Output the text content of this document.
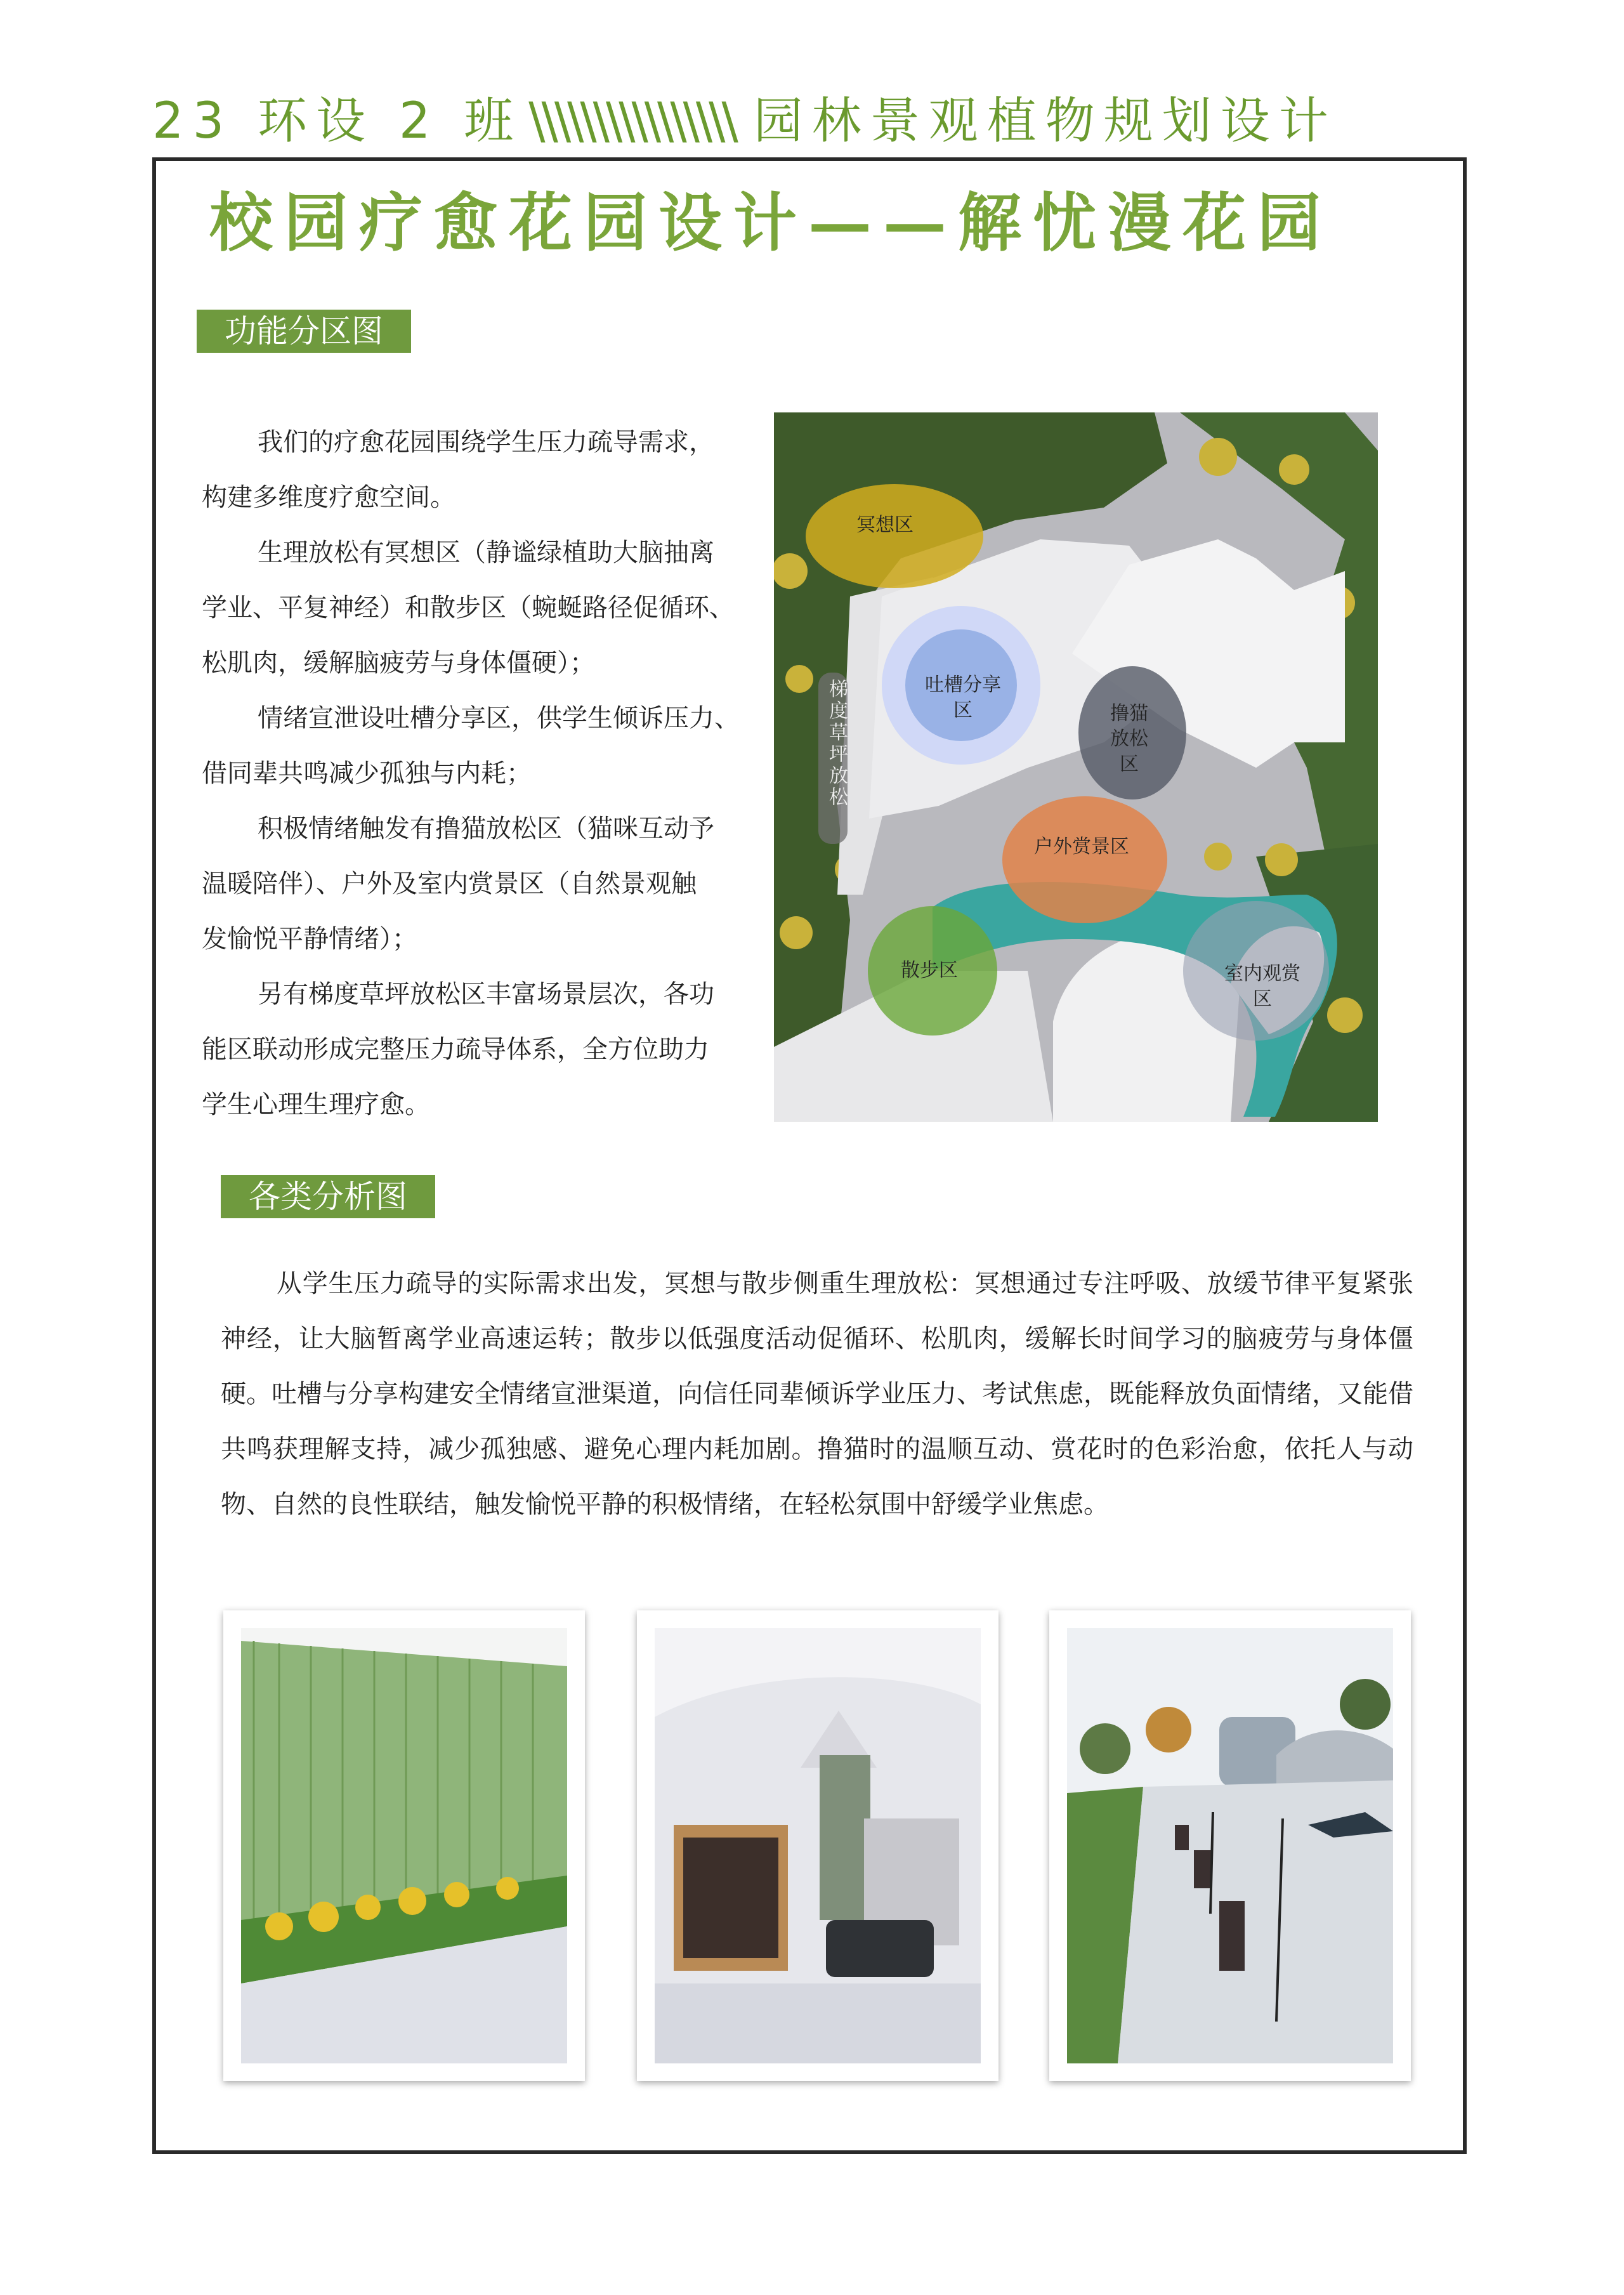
23 环设 2 班 \\\\\\\\\\\\\\\\ 园林景观植物规划设计
校园疗愈花园设计——解忧漫花园
功能分区图

我们的疗愈花园围绕学生压力疏导需求，

构建多维度疗愈空间。

生理放松有冥想区（静谧绿植助大脑抽离

学业、平复神经）和散步区（蜿蜒路径促循环、

松肌肉，缓解脑疲劳与身体僵硬）；

情绪宣泄设吐槽分享区，供学生倾诉压力、

借同辈共鸣减少孤独与内耗；

积极情绪触发有撸猫放松区（猫咪互动予

温暖陪伴）、户外及室内赏景区（自然景观触

发愉悦平静情绪）；

另有梯度草坪放松区丰富场景层次，各功

能区联动形成完整压力疏导体系，全方位助力

学生心理生理疗愈。

冥想区
吐槽分享区	撸猫放松区
户外赏景区
散步区	室内观赏区
梯度草坪放松
各类分析图

从学生压力疏导的实际需求出发，冥想与散步侧重生理放松：冥想通过专注呼吸、放缓节律平复紧张神经，让大脑暂离学业高速运转；散步以低强度活动促循环、松肌肉，缓解长时间学习的脑疲劳与身体僵硬。吐槽与分享构建安全情绪宣泄渠道，向信任同辈倾诉学业压力、考试焦虑，既能释放负面情绪，又能借共鸣获理解支持，减少孤独感、避免心理内耗加剧。撸猫时的温顺互动、赏花时的色彩治愈，依托人与动物、自然的良性联结，触发愉悦平静的积极情绪，在轻松氛围中舒缓学业焦虑。
